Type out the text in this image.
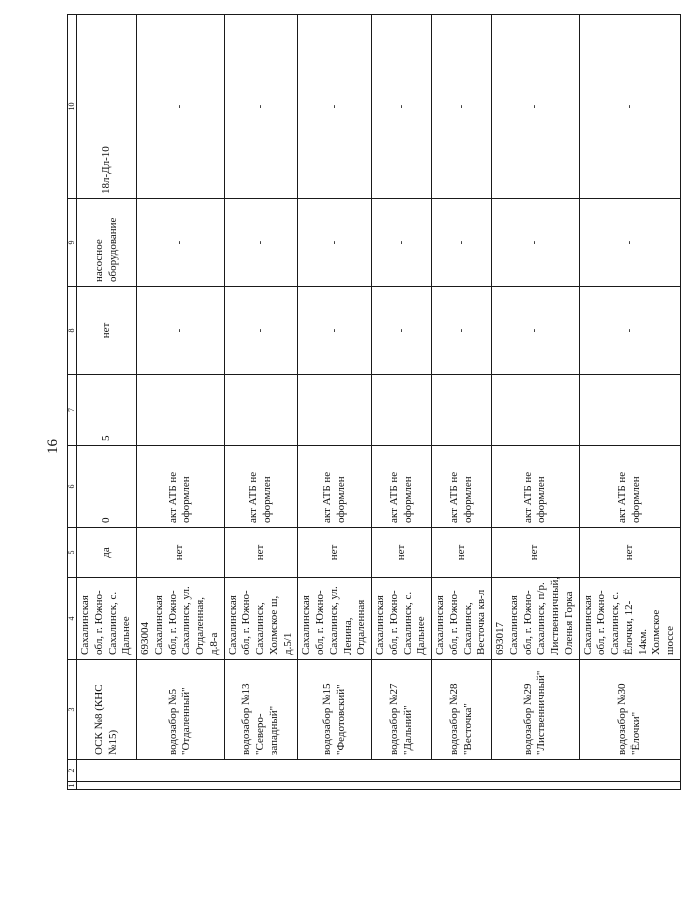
16
1	2	3	4	5	6	7	8	9	10
		ОСК №8 (КНС №15)	Сахалинская обл, г. Южно-Сахалинск, с. Дальнее	да	0	5	нет	насосное оборудование	18л-Дл-10
		водозабор №5 "Отдаленный"	693004 Сахалинская обл, г. Южно-Сахалинск, ул. Отдаленная, д.8-а	нет	акт АТБ не оформлен		-	-	-
		водозабор №13 "Северо- западный"	Сахалинская обл, г. Южно-Сахалинск, Холмское ш, д.5/1	нет	акт АТБ не оформлен		-	-	-
		водозабор №15 "Федотовский"	Сахалинская обл, г. Южно-Сахалинск, ул. Ленина, Отдаленная	нет	акт АТБ не оформлен		-	-	-
		водозабор №27 "Дальний"	Сахалинская обл, г. Южно-Сахалинск, с. Дальнее	нет	акт АТБ не оформлен		-	-	-
		водозабор №28 "Весточка"	Сахалинская обл, г. Южно-Сахалинск, Весточка кв-л	нет	акт АТБ не оформлен		-	-	-
		водозабор №29 "Лиственничный"	693017 Сахалинская обл, г. Южно-Сахалинск, п/р. Лиственничный, Оленья Горка	нет	акт АТБ не оформлен		-	-	-
		водозабор №30 "Ёлочки"	Сахалинская обл, г. Южно-Сахалинск, с. Ёлочки, 12-14км. Холмское шоссе	нет	акт АТБ не оформлен		-	-	-
